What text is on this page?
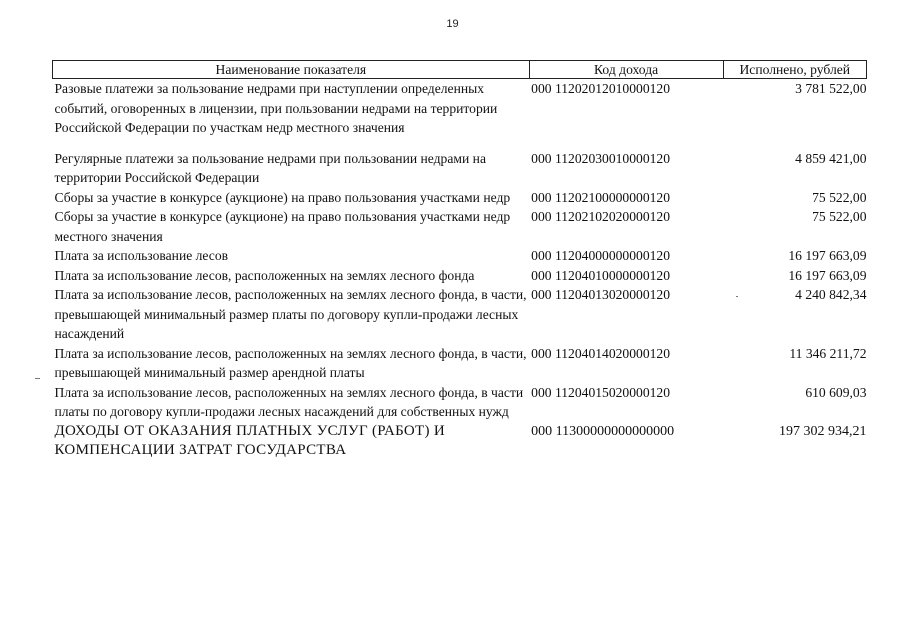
19
Наименование показателя	Код дохода	Исполнено, рублей
Разовые платежи за пользование недрами при наступлении определенных событий, оговоренных в лицензии, при пользовании недрами на территории Российской Федерации по участкам недр местного значения	000 11202012010000120	3 781 522,00
Регулярные платежи за пользование недрами при пользовании недрами на территории Российской Федерации	000 11202030010000120	4 859 421,00
Сборы за участие в конкурсе (аукционе) на право пользования участками недр	000 11202100000000120	75 522,00
Сборы за участие в конкурсе (аукционе) на право пользования участками недр местного значения	000 11202102020000120	75 522,00
Плата за использование лесов	000 11204000000000120	16 197 663,09
Плата за использование лесов, расположенных на землях лесного фонда	000 11204010000000120	16 197 663,09
Плата за использование лесов, расположенных на землях лесного фонда, в части, превышающей минимальный размер платы по договору купли-продажи лесных насаждений	000 11204013020000120	4 240 842,34
Плата за использование лесов, расположенных на землях лесного фонда, в части, превышающей минимальный размер арендной платы	000 11204014020000120	11 346 211,72
Плата за использование лесов, расположенных на землях лесного фонда, в части платы по договору купли-продажи лесных насаждений для собственных нужд	000 11204015020000120	610 609,03
ДОХОДЫ ОТ ОКАЗАНИЯ ПЛАТНЫХ УСЛУГ (РАБОТ) И КОМПЕНСАЦИИ ЗАТРАТ ГОСУДАРСТВА	000 11300000000000000	197 302 934,21
